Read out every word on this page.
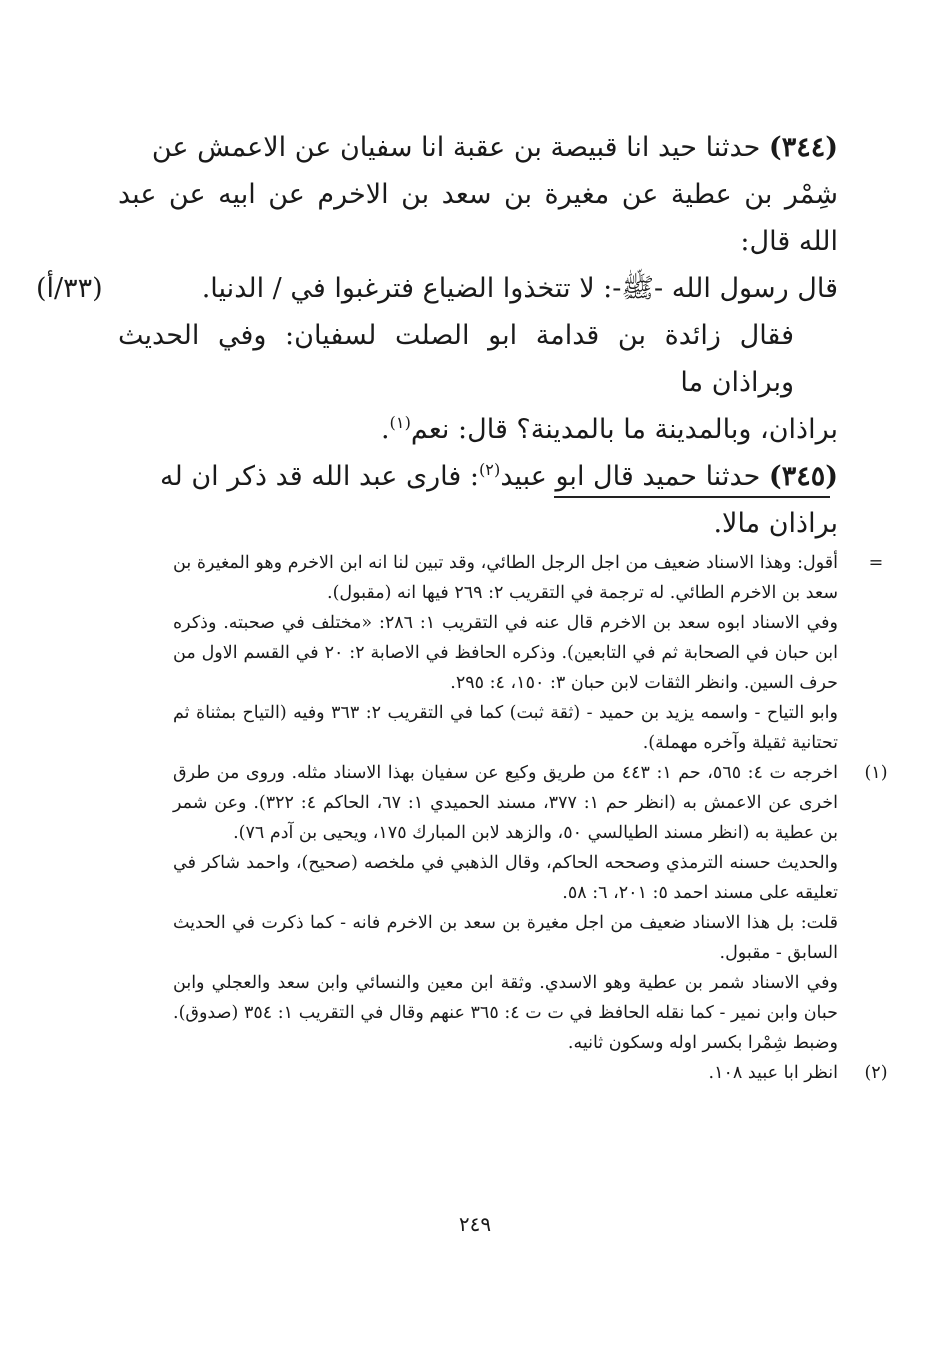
(٣٤٤) حدثنا حيد انا قبيصة بن عقبة انا سفيان عن الاعمش عن

شِمْر بن عطية عن مغيرة بن سعد بن الاخرم عن ابيه عن عبد الله قال:

قال رسول الله -ﷺ-: لا تتخذوا الضياع فترغبوا في / الدنيا.
(٣٣/أ)

فقال زائدة بن قدامة ابو الصلت لسفيان: وفي الحديث وبراذان ما

براذان، وبالمدينة ما بالمدينة؟ قال: نعم$^{(١)}$.

(٣٤٥) حدثنا حميد قال ابو عبيد$^{(٢)}$: فارى عبد الله قد ذكر ان له

براذان مالا.

=

أقول: وهذا الاسناد ضعيف من اجل الرجل الطائي، وقد تبين لنا انه ابن الاخرم وهو المغيرة بن سعد بن الاخرم الطائي. له ترجمة في التقريب ٢: ٢٦٩ فيها انه (مقبول).

وفي الاسناد ابوه سعد بن الاخرم قال عنه في التقريب ١: ٢٨٦: «مختلف في صحبته. وذكره ابن حبان في الصحابة ثم في التابعين). وذكره الحافظ في الاصابة ٢: ٢٠ في القسم الاول من حرف السين. وانظر الثقات لابن حبان ٣: ١٥٠، ٤: ٢٩٥.

وابو التياح - واسمه يزيد بن حميد - (ثقة ثبت) كما في التقريب ٢: ٣٦٣ وفيه (التياح بمثناة ثم تحتانية ثقيلة وآخره مهملة).

(١)

اخرجه ت ٤: ٥٦٥، حم ١: ٤٤٣ من طريق وكيع عن سفيان بهذا الاسناد مثله. وروى من طرق اخرى عن الاعمش به (انظر حم ١: ٣٧٧، مسند الحميدي ١: ٦٧، الحاكم ٤: ٣٢٢). وعن شمر بن عطية به (انظر مسند الطيالسي ٥٠، والزهد لابن المبارك ١٧٥، ويحيى بن آدم ٧٦).

والحديث حسنه الترمذي وصححه الحاكم، وقال الذهبي في ملخصه (صحيح)، واحمد شاكر في تعليقه على مسند احمد ٥: ٢٠١، ٦: ٥٨.

قلت: بل هذا الاسناد ضعيف من اجل مغيرة بن سعد بن الاخرم فانه - كما ذكرت في الحديث السابق - مقبول.

وفي الاسناد شمر بن عطية وهو الاسدي. وثقة ابن معين والنسائي وابن سعد والعجلي وابن حبان وابن نمير - كما نقله الحافظ في ت ت ٤: ٣٦٥ عنهم وقال في التقريب ١: ٣٥٤ (صدوق). وضبط شِمْرا بكسر اوله وسكون ثانيه.

(٢)

انظر ابا عبيد ١٠٨.

٢٤٩
